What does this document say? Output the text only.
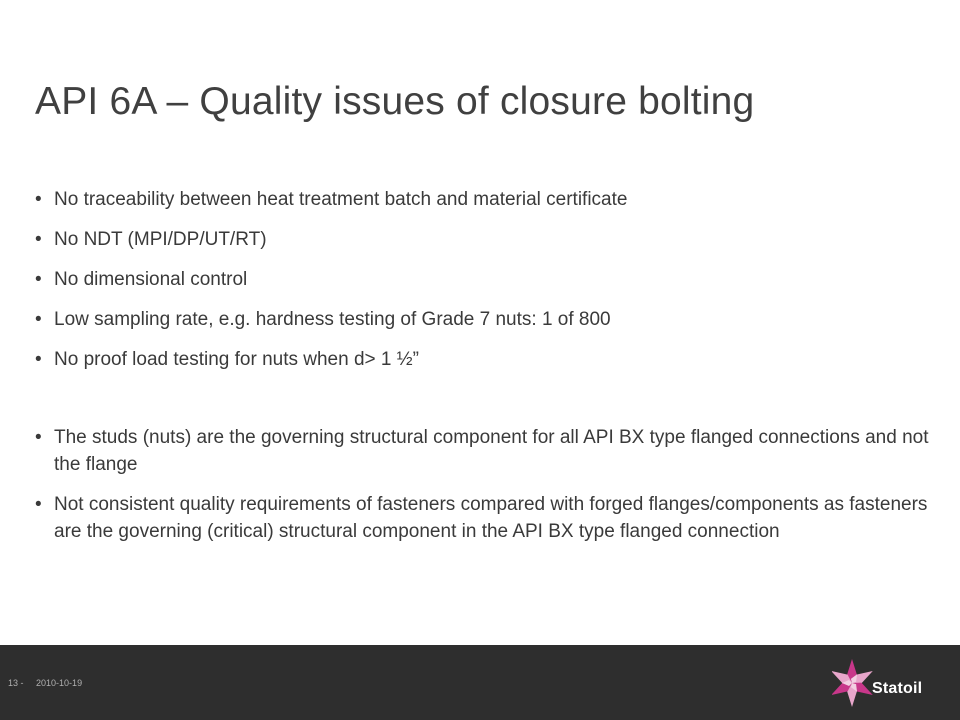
API 6A – Quality issues of closure bolting
• No traceability between heat treatment batch and material certificate
• No NDT (MPI/DP/UT/RT)
• No dimensional control
• Low sampling rate, e.g. hardness testing of Grade 7 nuts: 1 of 800
• No proof load testing for nuts when d> 1 ½”
• The studs (nuts) are the governing structural component for all API BX type flanged connections and not the flange
• Not consistent quality requirements of fasteners compared with forged flanges/components as fasteners are the governing (critical) structural component in the API BX type flanged connection
13 - 2010-10-19	Statoil
